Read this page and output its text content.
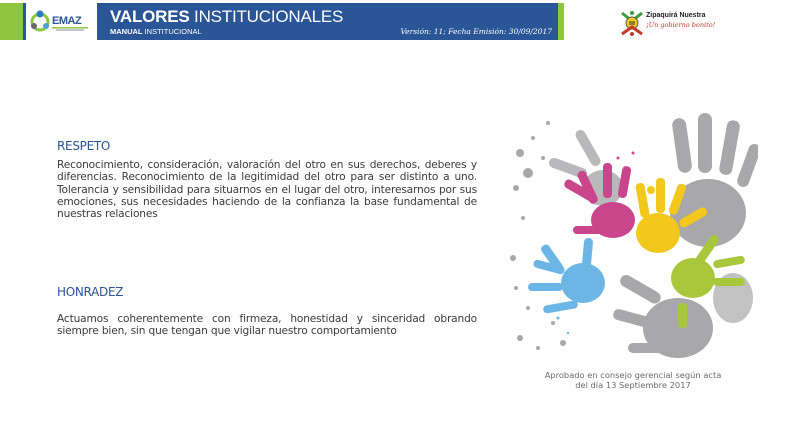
EMAZ VALORES INSTITUCIONALES
MANUAL INSTITUCIONAL	Versión: 11; Fecha Emisión: 30/09/2017
Zipaquirá Nuestra
¡Un gobierno bonito!
RESPETO
Reconocimiento, consideración, valoración del otro en sus derechos, deberes y diferencias. Reconocimiento de la legitimidad del otro para ser distinto a uno. Tolerancia y sensibilidad para situarnos en el lugar del otro, interesarnos por sus emociones, sus necesidades haciendo de la confianza la base fundamental de nuestras relaciones
HONRADEZ
Actuamos coherentemente con firmeza, honestidad y sinceridad obrando siempre bien, sin que tengan que vigilar nuestro comportamiento
Aprobado en consejo gerencial según acta
del día 13 Septiembre 2017
